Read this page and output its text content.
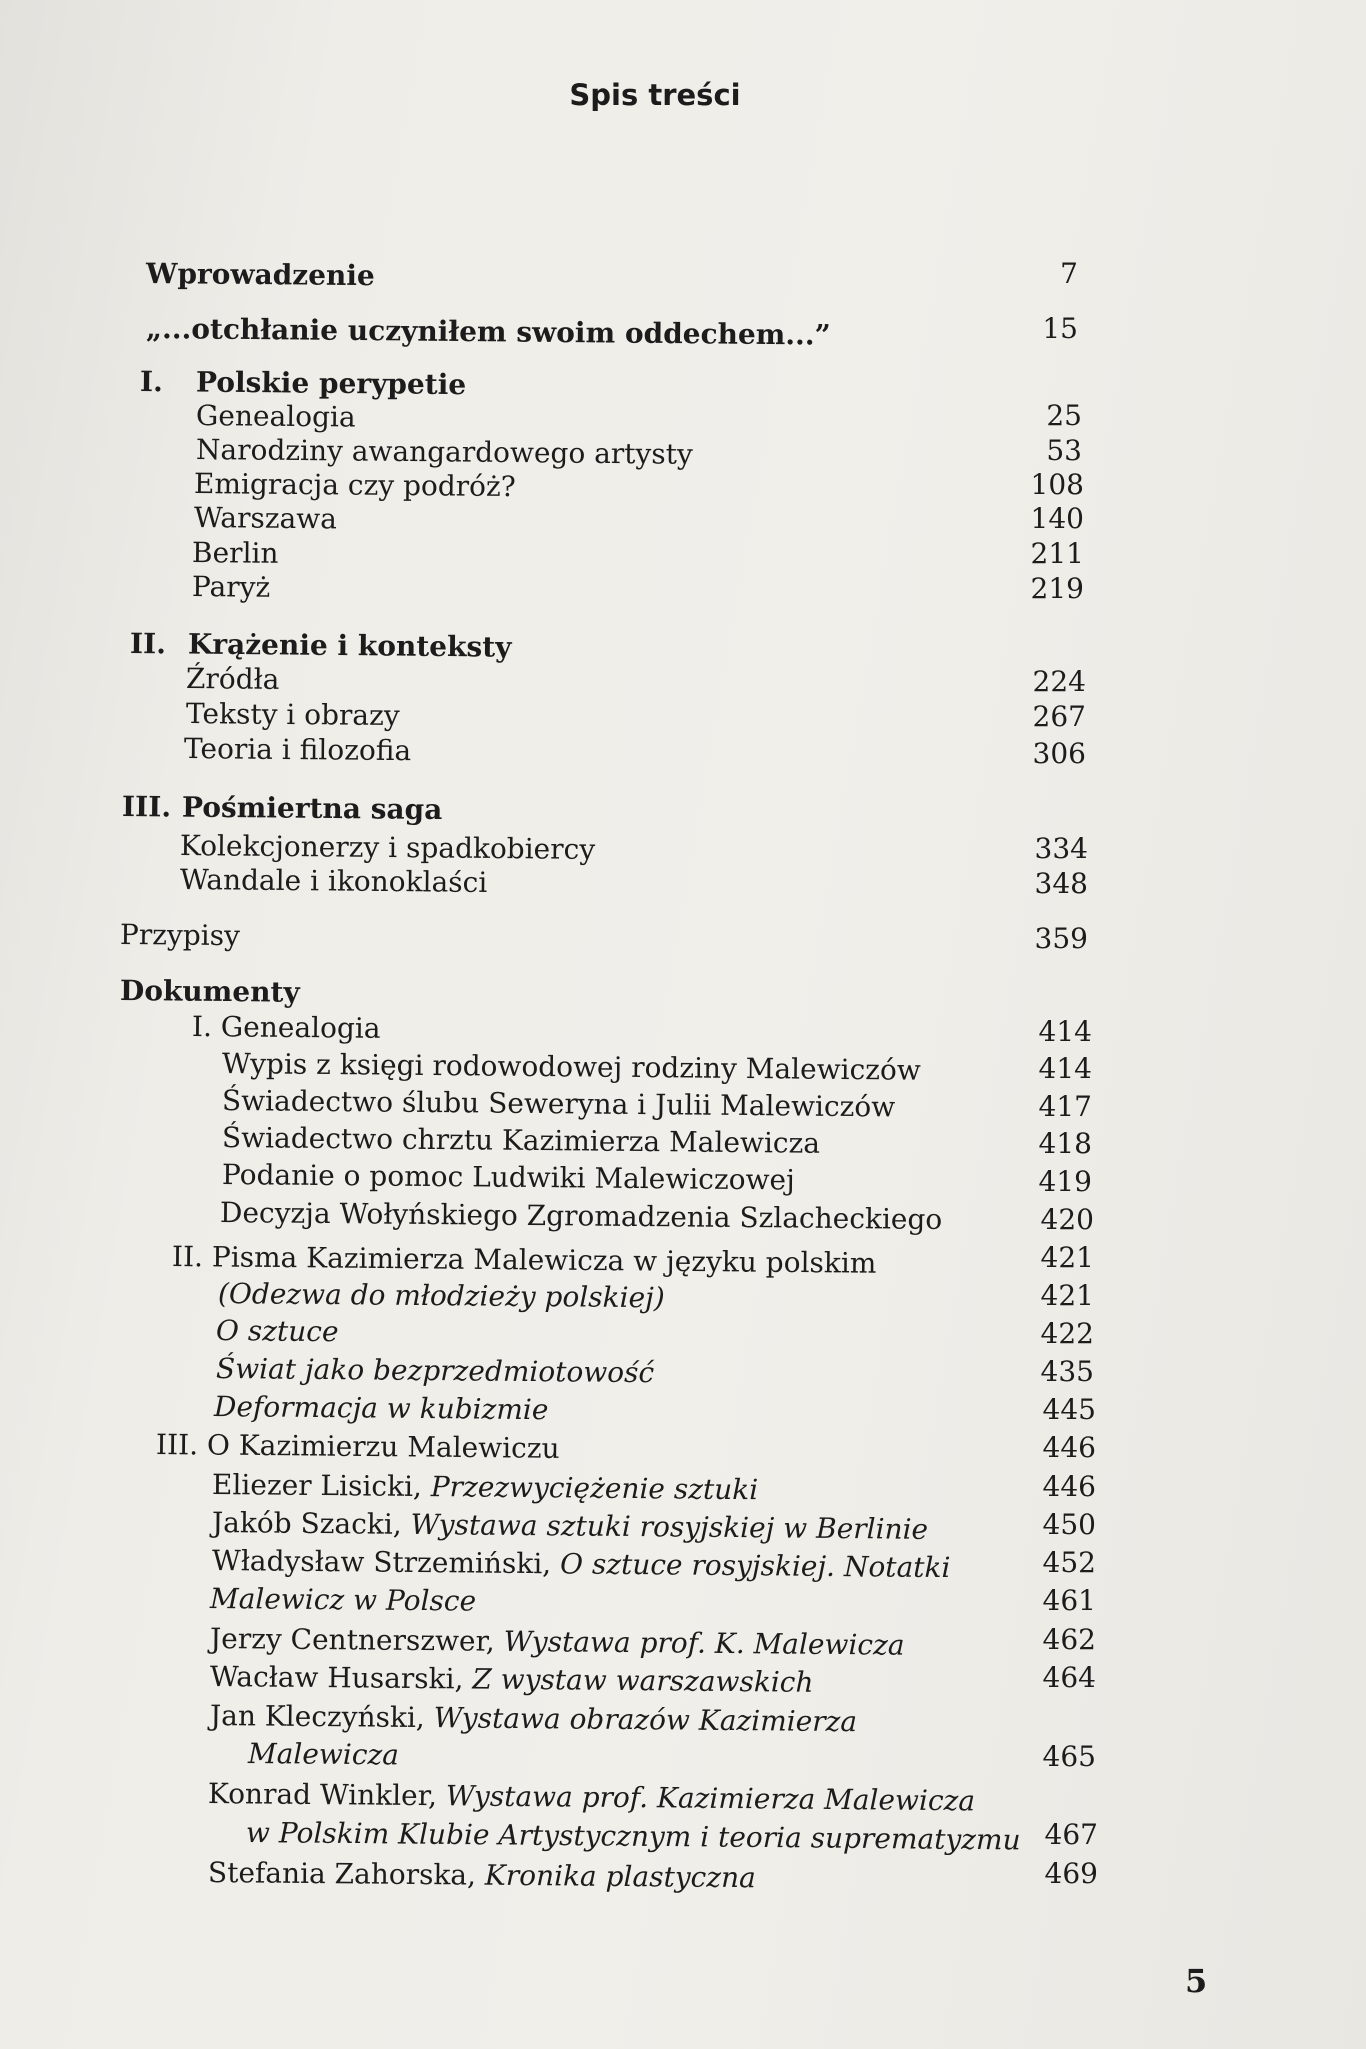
Spis treści
Wprowadzenie	7
„...otchłanie uczyniłem swoim oddechem...”	15
I. Polskie perypetie
Genealogia	25
Narodziny awangardowego artysty	53
Emigracja czy podróż?	108
Warszawa	140
Berlin	211
Paryż	219
II. Krążenie i konteksty
Źródła	224
Teksty i obrazy	267
Teoria i filozofia	306
III. Pośmiertna saga
Kolekcjonerzy i spadkobiercy	334
Wandale i ikonoklaści	348
Przypisy	359
Dokumenty
I. Genealogia	414
Wypis z księgi rodowodowej rodziny Malewiczów	414
Świadectwo ślubu Seweryna i Julii Malewiczów	417
Świadectwo chrztu Kazimierza Malewicza	418
Podanie o pomoc Ludwiki Malewiczowej	419
Decyzja Wołyńskiego Zgromadzenia Szlacheckiego	420
II. Pisma Kazimierza Malewicza w języku polskim	421
(Odezwa do młodzieży polskiej)	421
O sztuce	422
Świat jako bezprzedmiotowość	435
Deformacja w kubizmie	445
III. O Kazimierzu Malewiczu	446
Eliezer Lisicki, Przezwyciężenie sztuki	446
Jakób Szacki, Wystawa sztuki rosyjskiej w Berlinie	450
Władysław Strzemiński, O sztuce rosyjskiej. Notatki	452
Malewicz w Polsce	461
Jerzy Centnerszwer, Wystawa prof. K. Malewicza	462
Wacław Husarski, Z wystaw warszawskich	464
Jan Kleczyński, Wystawa obrazów Kazimierza
Malewicza	465
Konrad Winkler, Wystawa prof. Kazimierza Malewicza
w Polskim Klubie Artystycznym i teoria suprematyzmu 467
Stefania Zahorska, Kronika plastyczna	469
5
